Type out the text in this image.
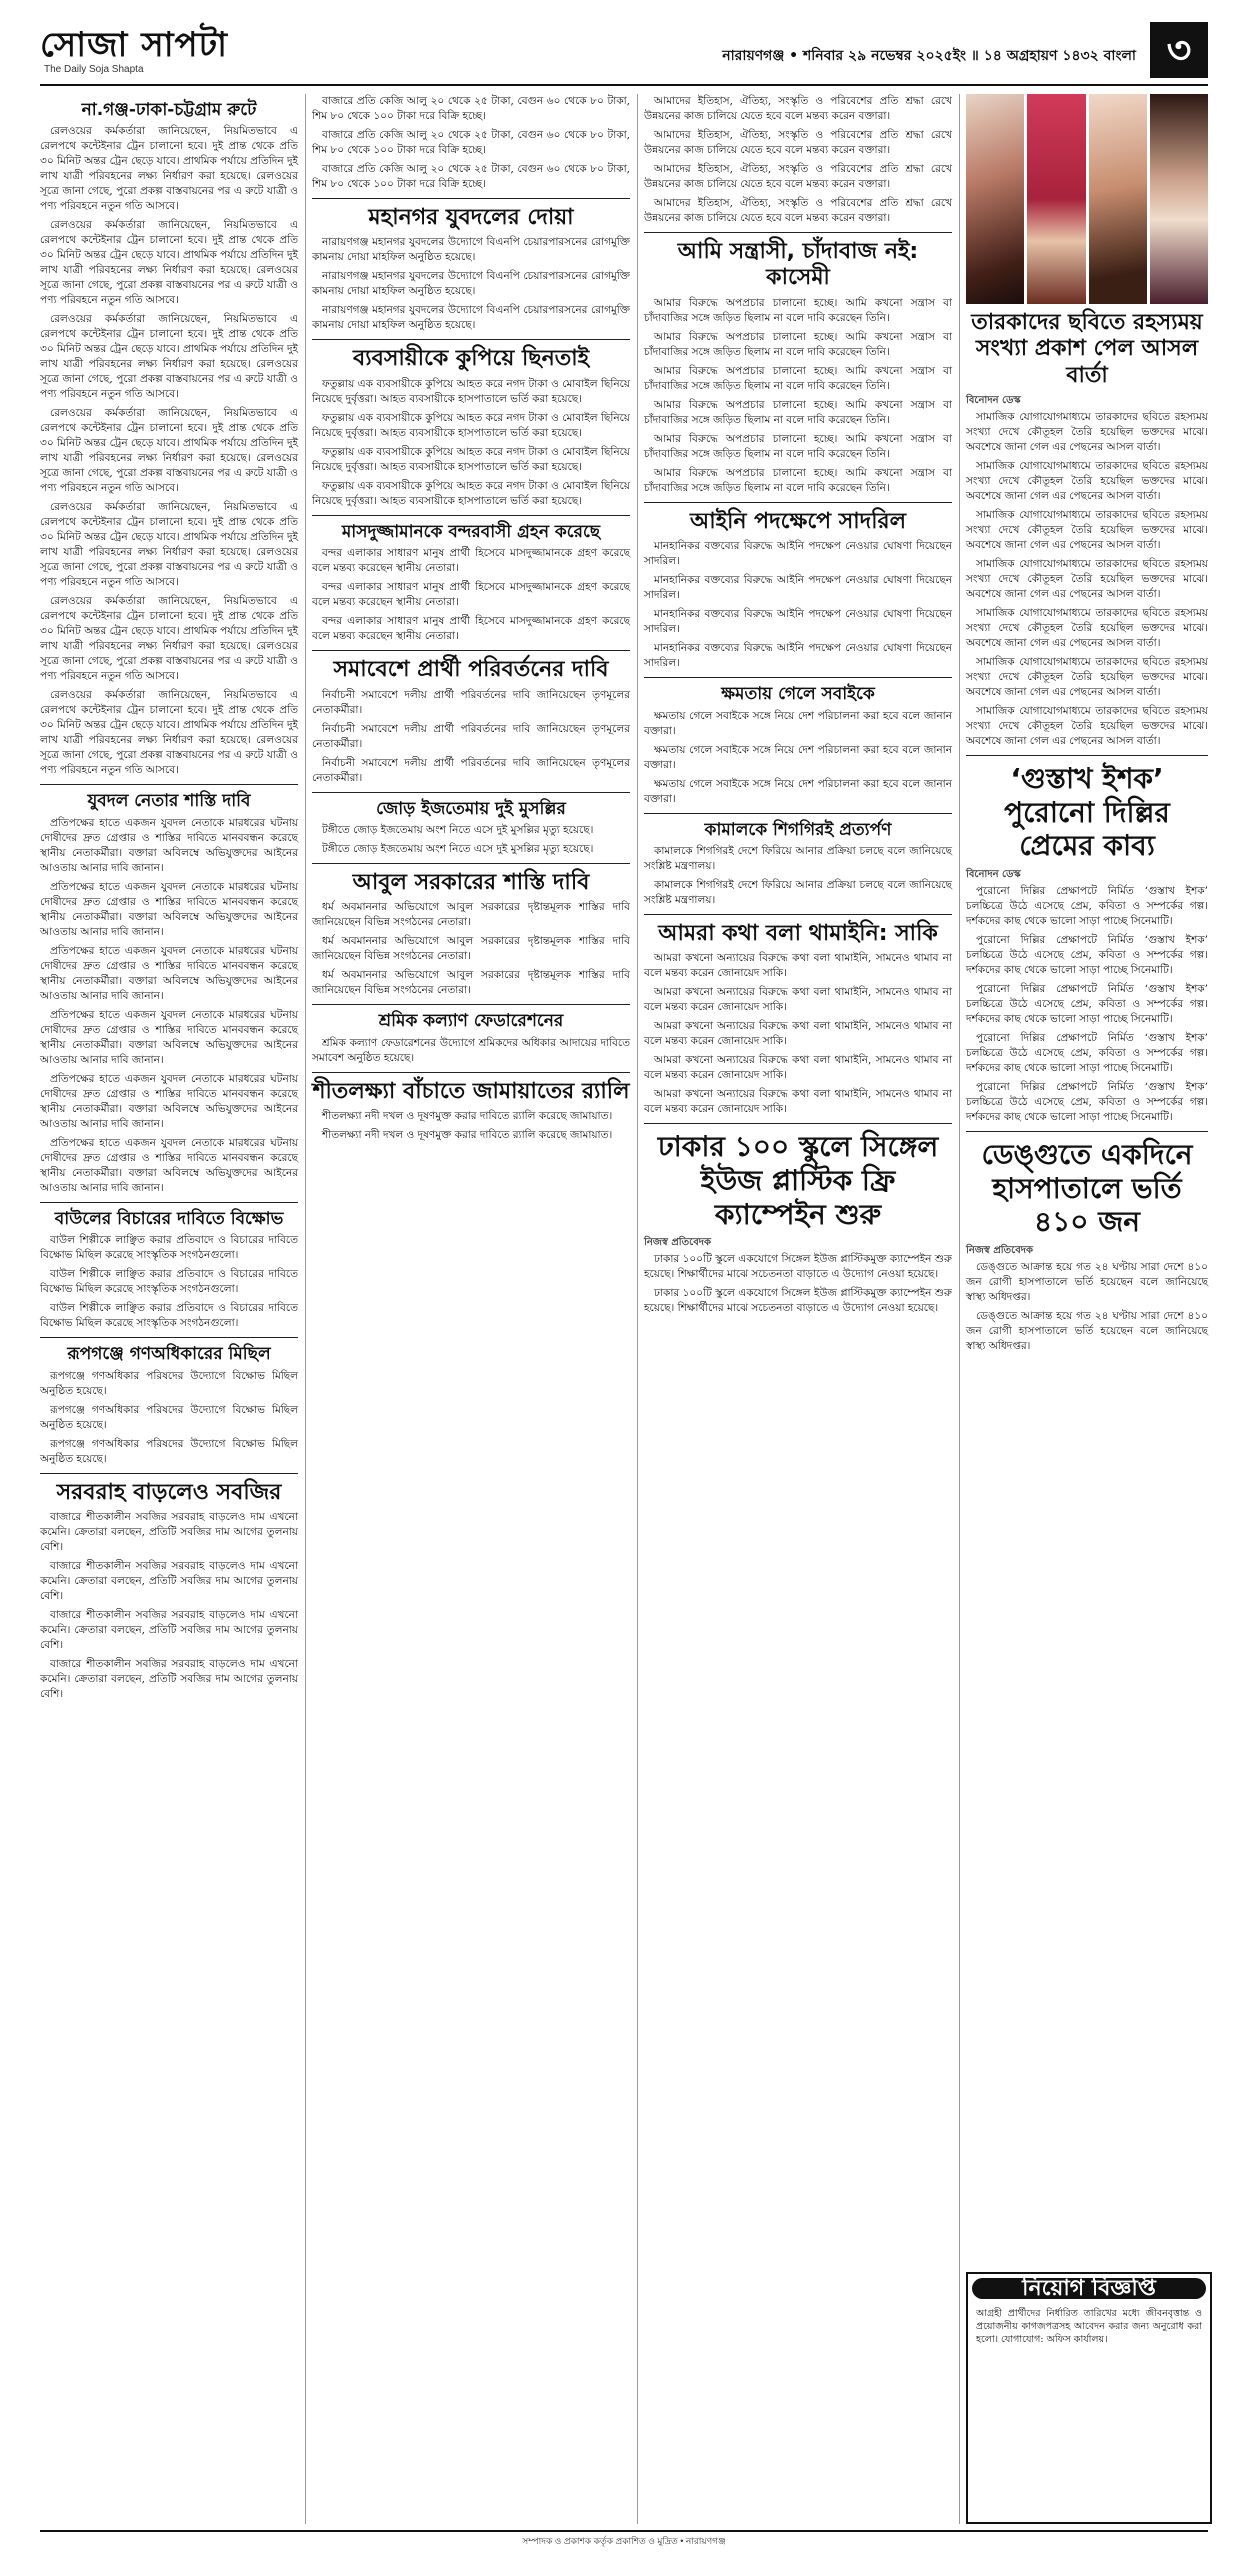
সোজা সাপটা
The Daily Soja Shapta
নারায়ণগঞ্জ • শনিবার ২৯ নভেম্বর ২০২৫ইং ॥ ১৪ অগ্রহায়ণ ১৪৩২ বাংলা ৩
না.গঞ্জ-ঢাকা-চট্টগ্রাম রুটে

রেলওয়ের কর্মকর্তারা জানিয়েছেন, নিয়মিতভাবে এ রেলপথে কন্টেইনার ট্রেন চালানো হবে। দুই প্রান্ত থেকে প্রতি ৩০ মিনিট অন্তর ট্রেন ছেড়ে যাবে। প্রাথমিক পর্যায়ে প্রতিদিন দুই লাখ যাত্রী পরিবহনের লক্ষ্য নির্ধারণ করা হয়েছে। রেলওয়ের সূত্রে জানা গেছে, পুরো প্রকল্প বাস্তবায়নের পর এ রুটে যাত্রী ও পণ্য পরিবহনে নতুন গতি আসবে।

রেলওয়ের কর্মকর্তারা জানিয়েছেন, নিয়মিতভাবে এ রেলপথে কন্টেইনার ট্রেন চালানো হবে। দুই প্রান্ত থেকে প্রতি ৩০ মিনিট অন্তর ট্রেন ছেড়ে যাবে। প্রাথমিক পর্যায়ে প্রতিদিন দুই লাখ যাত্রী পরিবহনের লক্ষ্য নির্ধারণ করা হয়েছে। রেলওয়ের সূত্রে জানা গেছে, পুরো প্রকল্প বাস্তবায়নের পর এ রুটে যাত্রী ও পণ্য পরিবহনে নতুন গতি আসবে।

রেলওয়ের কর্মকর্তারা জানিয়েছেন, নিয়মিতভাবে এ রেলপথে কন্টেইনার ট্রেন চালানো হবে। দুই প্রান্ত থেকে প্রতি ৩০ মিনিট অন্তর ট্রেন ছেড়ে যাবে। প্রাথমিক পর্যায়ে প্রতিদিন দুই লাখ যাত্রী পরিবহনের লক্ষ্য নির্ধারণ করা হয়েছে। রেলওয়ের সূত্রে জানা গেছে, পুরো প্রকল্প বাস্তবায়নের পর এ রুটে যাত্রী ও পণ্য পরিবহনে নতুন গতি আসবে।

রেলওয়ের কর্মকর্তারা জানিয়েছেন, নিয়মিতভাবে এ রেলপথে কন্টেইনার ট্রেন চালানো হবে। দুই প্রান্ত থেকে প্রতি ৩০ মিনিট অন্তর ট্রেন ছেড়ে যাবে। প্রাথমিক পর্যায়ে প্রতিদিন দুই লাখ যাত্রী পরিবহনের লক্ষ্য নির্ধারণ করা হয়েছে। রেলওয়ের সূত্রে জানা গেছে, পুরো প্রকল্প বাস্তবায়নের পর এ রুটে যাত্রী ও পণ্য পরিবহনে নতুন গতি আসবে।

রেলওয়ের কর্মকর্তারা জানিয়েছেন, নিয়মিতভাবে এ রেলপথে কন্টেইনার ট্রেন চালানো হবে। দুই প্রান্ত থেকে প্রতি ৩০ মিনিট অন্তর ট্রেন ছেড়ে যাবে। প্রাথমিক পর্যায়ে প্রতিদিন দুই লাখ যাত্রী পরিবহনের লক্ষ্য নির্ধারণ করা হয়েছে। রেলওয়ের সূত্রে জানা গেছে, পুরো প্রকল্প বাস্তবায়নের পর এ রুটে যাত্রী ও পণ্য পরিবহনে নতুন গতি আসবে।

রেলওয়ের কর্মকর্তারা জানিয়েছেন, নিয়মিতভাবে এ রেলপথে কন্টেইনার ট্রেন চালানো হবে। দুই প্রান্ত থেকে প্রতি ৩০ মিনিট অন্তর ট্রেন ছেড়ে যাবে। প্রাথমিক পর্যায়ে প্রতিদিন দুই লাখ যাত্রী পরিবহনের লক্ষ্য নির্ধারণ করা হয়েছে। রেলওয়ের সূত্রে জানা গেছে, পুরো প্রকল্প বাস্তবায়নের পর এ রুটে যাত্রী ও পণ্য পরিবহনে নতুন গতি আসবে।

রেলওয়ের কর্মকর্তারা জানিয়েছেন, নিয়মিতভাবে এ রেলপথে কন্টেইনার ট্রেন চালানো হবে। দুই প্রান্ত থেকে প্রতি ৩০ মিনিট অন্তর ট্রেন ছেড়ে যাবে। প্রাথমিক পর্যায়ে প্রতিদিন দুই লাখ যাত্রী পরিবহনের লক্ষ্য নির্ধারণ করা হয়েছে। রেলওয়ের সূত্রে জানা গেছে, পুরো প্রকল্প বাস্তবায়নের পর এ রুটে যাত্রী ও পণ্য পরিবহনে নতুন গতি আসবে।

যুবদল নেতার শাস্তি দাবি

প্রতিপক্ষের হাতে একজন যুবদল নেতাকে মারধরের ঘটনায় দোষীদের দ্রুত গ্রেপ্তার ও শাস্তির দাবিতে মানববন্ধন করেছে স্থানীয় নেতাকর্মীরা। বক্তারা অবিলম্বে অভিযুক্তদের আইনের আওতায় আনার দাবি জানান।

প্রতিপক্ষের হাতে একজন যুবদল নেতাকে মারধরের ঘটনায় দোষীদের দ্রুত গ্রেপ্তার ও শাস্তির দাবিতে মানববন্ধন করেছে স্থানীয় নেতাকর্মীরা। বক্তারা অবিলম্বে অভিযুক্তদের আইনের আওতায় আনার দাবি জানান।

প্রতিপক্ষের হাতে একজন যুবদল নেতাকে মারধরের ঘটনায় দোষীদের দ্রুত গ্রেপ্তার ও শাস্তির দাবিতে মানববন্ধন করেছে স্থানীয় নেতাকর্মীরা। বক্তারা অবিলম্বে অভিযুক্তদের আইনের আওতায় আনার দাবি জানান।

প্রতিপক্ষের হাতে একজন যুবদল নেতাকে মারধরের ঘটনায় দোষীদের দ্রুত গ্রেপ্তার ও শাস্তির দাবিতে মানববন্ধন করেছে স্থানীয় নেতাকর্মীরা। বক্তারা অবিলম্বে অভিযুক্তদের আইনের আওতায় আনার দাবি জানান।

প্রতিপক্ষের হাতে একজন যুবদল নেতাকে মারধরের ঘটনায় দোষীদের দ্রুত গ্রেপ্তার ও শাস্তির দাবিতে মানববন্ধন করেছে স্থানীয় নেতাকর্মীরা। বক্তারা অবিলম্বে অভিযুক্তদের আইনের আওতায় আনার দাবি জানান।

প্রতিপক্ষের হাতে একজন যুবদল নেতাকে মারধরের ঘটনায় দোষীদের দ্রুত গ্রেপ্তার ও শাস্তির দাবিতে মানববন্ধন করেছে স্থানীয় নেতাকর্মীরা। বক্তারা অবিলম্বে অভিযুক্তদের আইনের আওতায় আনার দাবি জানান।

বাউলের বিচারের দাবিতে বিক্ষোভ

বাউল শিল্পীকে লাঞ্ছিত করার প্রতিবাদে ও বিচারের দাবিতে বিক্ষোভ মিছিল করেছে সাংস্কৃতিক সংগঠনগুলো।

বাউল শিল্পীকে লাঞ্ছিত করার প্রতিবাদে ও বিচারের দাবিতে বিক্ষোভ মিছিল করেছে সাংস্কৃতিক সংগঠনগুলো।

বাউল শিল্পীকে লাঞ্ছিত করার প্রতিবাদে ও বিচারের দাবিতে বিক্ষোভ মিছিল করেছে সাংস্কৃতিক সংগঠনগুলো।

রূপগঞ্জে গণঅধিকারের মিছিল

রূপগঞ্জে গণঅধিকার পরিষদের উদ্যোগে বিক্ষোভ মিছিল অনুষ্ঠিত হয়েছে।

রূপগঞ্জে গণঅধিকার পরিষদের উদ্যোগে বিক্ষোভ মিছিল অনুষ্ঠিত হয়েছে।

রূপগঞ্জে গণঅধিকার পরিষদের উদ্যোগে বিক্ষোভ মিছিল অনুষ্ঠিত হয়েছে।

সরবরাহ বাড়লেও সবজির

বাজারে শীতকালীন সবজির সরবরাহ বাড়লেও দাম এখনো কমেনি। ক্রেতারা বলছেন, প্রতিটি সবজির দাম আগের তুলনায় বেশি।

বাজারে শীতকালীন সবজির সরবরাহ বাড়লেও দাম এখনো কমেনি। ক্রেতারা বলছেন, প্রতিটি সবজির দাম আগের তুলনায় বেশি।

বাজারে শীতকালীন সবজির সরবরাহ বাড়লেও দাম এখনো কমেনি। ক্রেতারা বলছেন, প্রতিটি সবজির দাম আগের তুলনায় বেশি।

বাজারে শীতকালীন সবজির সরবরাহ বাড়লেও দাম এখনো কমেনি। ক্রেতারা বলছেন, প্রতিটি সবজির দাম আগের তুলনায় বেশি।

বাজারে প্রতি কেজি আলু ২০ থেকে ২৫ টাকা, বেগুন ৬০ থেকে ৮০ টাকা, শিম ৮০ থেকে ১০০ টাকা দরে বিক্রি হচ্ছে।

বাজারে প্রতি কেজি আলু ২০ থেকে ২৫ টাকা, বেগুন ৬০ থেকে ৮০ টাকা, শিম ৮০ থেকে ১০০ টাকা দরে বিক্রি হচ্ছে।

বাজারে প্রতি কেজি আলু ২০ থেকে ২৫ টাকা, বেগুন ৬০ থেকে ৮০ টাকা, শিম ৮০ থেকে ১০০ টাকা দরে বিক্রি হচ্ছে।

মহানগর যুবদলের দোয়া

নারায়ণগঞ্জ মহানগর যুবদলের উদ্যোগে বিএনপি চেয়ারপারসনের রোগমুক্তি কামনায় দোয়া মাহফিল অনুষ্ঠিত হয়েছে।

নারায়ণগঞ্জ মহানগর যুবদলের উদ্যোগে বিএনপি চেয়ারপারসনের রোগমুক্তি কামনায় দোয়া মাহফিল অনুষ্ঠিত হয়েছে।

নারায়ণগঞ্জ মহানগর যুবদলের উদ্যোগে বিএনপি চেয়ারপারসনের রোগমুক্তি কামনায় দোয়া মাহফিল অনুষ্ঠিত হয়েছে।

ব্যবসায়ীকে কুপিয়ে ছিনতাই

ফতুল্লায় এক ব্যবসায়ীকে কুপিয়ে আহত করে নগদ টাকা ও মোবাইল ছিনিয়ে নিয়েছে দুর্বৃত্তরা। আহত ব্যবসায়ীকে হাসপাতালে ভর্তি করা হয়েছে।

ফতুল্লায় এক ব্যবসায়ীকে কুপিয়ে আহত করে নগদ টাকা ও মোবাইল ছিনিয়ে নিয়েছে দুর্বৃত্তরা। আহত ব্যবসায়ীকে হাসপাতালে ভর্তি করা হয়েছে।

ফতুল্লায় এক ব্যবসায়ীকে কুপিয়ে আহত করে নগদ টাকা ও মোবাইল ছিনিয়ে নিয়েছে দুর্বৃত্তরা। আহত ব্যবসায়ীকে হাসপাতালে ভর্তি করা হয়েছে।

ফতুল্লায় এক ব্যবসায়ীকে কুপিয়ে আহত করে নগদ টাকা ও মোবাইল ছিনিয়ে নিয়েছে দুর্বৃত্তরা। আহত ব্যবসায়ীকে হাসপাতালে ভর্তি করা হয়েছে।

মাসদুজ্জামানকে বন্দরবাসী গ্রহন করেছে

বন্দর এলাকার সাধারণ মানুষ প্রার্থী হিসেবে মাসদুজ্জামানকে গ্রহণ করেছে বলে মন্তব্য করেছেন স্থানীয় নেতারা।

বন্দর এলাকার সাধারণ মানুষ প্রার্থী হিসেবে মাসদুজ্জামানকে গ্রহণ করেছে বলে মন্তব্য করেছেন স্থানীয় নেতারা।

বন্দর এলাকার সাধারণ মানুষ প্রার্থী হিসেবে মাসদুজ্জামানকে গ্রহণ করেছে বলে মন্তব্য করেছেন স্থানীয় নেতারা।

সমাবেশে প্রার্থী পরিবর্তনের দাবি

নির্বাচনী সমাবেশে দলীয় প্রার্থী পরিবর্তনের দাবি জানিয়েছেন তৃণমূলের নেতাকর্মীরা।

নির্বাচনী সমাবেশে দলীয় প্রার্থী পরিবর্তনের দাবি জানিয়েছেন তৃণমূলের নেতাকর্মীরা।

নির্বাচনী সমাবেশে দলীয় প্রার্থী পরিবর্তনের দাবি জানিয়েছেন তৃণমূলের নেতাকর্মীরা।

জোড় ইজতেমায় দুই মুসল্লির

টঙ্গীতে জোড় ইজতেমায় অংশ নিতে এসে দুই মুসল্লির মৃত্যু হয়েছে।

টঙ্গীতে জোড় ইজতেমায় অংশ নিতে এসে দুই মুসল্লির মৃত্যু হয়েছে।

আবুল সরকারের শাস্তি দাবি

ধর্ম অবমাননার অভিযোগে আবুল সরকারের দৃষ্টান্তমূলক শাস্তির দাবি জানিয়েছেন বিভিন্ন সংগঠনের নেতারা।

ধর্ম অবমাননার অভিযোগে আবুল সরকারের দৃষ্টান্তমূলক শাস্তির দাবি জানিয়েছেন বিভিন্ন সংগঠনের নেতারা।

ধর্ম অবমাননার অভিযোগে আবুল সরকারের দৃষ্টান্তমূলক শাস্তির দাবি জানিয়েছেন বিভিন্ন সংগঠনের নেতারা।

শ্রমিক কল্যাণ ফেডারেশনের

শ্রমিক কল্যাণ ফেডারেশনের উদ্যোগে শ্রমিকদের অধিকার আদায়ের দাবিতে সমাবেশ অনুষ্ঠিত হয়েছে।

শীতলক্ষ্যা বাঁচাতে জামায়াতের র‍্যালি

শীতলক্ষ্যা নদী দখল ও দূষণমুক্ত করার দাবিতে র‍্যালি করেছে জামায়াত।

শীতলক্ষ্যা নদী দখল ও দূষণমুক্ত করার দাবিতে র‍্যালি করেছে জামায়াত।

আমাদের ইতিহাস, ঐতিহ্য, সংস্কৃতি ও পরিবেশের প্রতি শ্রদ্ধা রেখে উন্নয়নের কাজ চালিয়ে যেতে হবে বলে মন্তব্য করেন বক্তারা।

আমাদের ইতিহাস, ঐতিহ্য, সংস্কৃতি ও পরিবেশের প্রতি শ্রদ্ধা রেখে উন্নয়নের কাজ চালিয়ে যেতে হবে বলে মন্তব্য করেন বক্তারা।

আমাদের ইতিহাস, ঐতিহ্য, সংস্কৃতি ও পরিবেশের প্রতি শ্রদ্ধা রেখে উন্নয়নের কাজ চালিয়ে যেতে হবে বলে মন্তব্য করেন বক্তারা।

আমাদের ইতিহাস, ঐতিহ্য, সংস্কৃতি ও পরিবেশের প্রতি শ্রদ্ধা রেখে উন্নয়নের কাজ চালিয়ে যেতে হবে বলে মন্তব্য করেন বক্তারা।

আমি সন্ত্রাসী, চাঁদাবাজ নই: কাসেমী

আমার বিরুদ্ধে অপপ্রচার চালানো হচ্ছে। আমি কখনো সন্ত্রাস বা চাঁদাবাজির সঙ্গে জড়িত ছিলাম না বলে দাবি করেছেন তিনি।

আমার বিরুদ্ধে অপপ্রচার চালানো হচ্ছে। আমি কখনো সন্ত্রাস বা চাঁদাবাজির সঙ্গে জড়িত ছিলাম না বলে দাবি করেছেন তিনি।

আমার বিরুদ্ধে অপপ্রচার চালানো হচ্ছে। আমি কখনো সন্ত্রাস বা চাঁদাবাজির সঙ্গে জড়িত ছিলাম না বলে দাবি করেছেন তিনি।

আমার বিরুদ্ধে অপপ্রচার চালানো হচ্ছে। আমি কখনো সন্ত্রাস বা চাঁদাবাজির সঙ্গে জড়িত ছিলাম না বলে দাবি করেছেন তিনি।

আমার বিরুদ্ধে অপপ্রচার চালানো হচ্ছে। আমি কখনো সন্ত্রাস বা চাঁদাবাজির সঙ্গে জড়িত ছিলাম না বলে দাবি করেছেন তিনি।

আমার বিরুদ্ধে অপপ্রচার চালানো হচ্ছে। আমি কখনো সন্ত্রাস বা চাঁদাবাজির সঙ্গে জড়িত ছিলাম না বলে দাবি করেছেন তিনি।

আইনি পদক্ষেপে সাদরিল

মানহানিকর বক্তব্যের বিরুদ্ধে আইনি পদক্ষেপ নেওয়ার ঘোষণা দিয়েছেন সাদরিল।

মানহানিকর বক্তব্যের বিরুদ্ধে আইনি পদক্ষেপ নেওয়ার ঘোষণা দিয়েছেন সাদরিল।

মানহানিকর বক্তব্যের বিরুদ্ধে আইনি পদক্ষেপ নেওয়ার ঘোষণা দিয়েছেন সাদরিল।

মানহানিকর বক্তব্যের বিরুদ্ধে আইনি পদক্ষেপ নেওয়ার ঘোষণা দিয়েছেন সাদরিল।

ক্ষমতায় গেলে সবাইকে

ক্ষমতায় গেলে সবাইকে সঙ্গে নিয়ে দেশ পরিচালনা করা হবে বলে জানান বক্তারা।

ক্ষমতায় গেলে সবাইকে সঙ্গে নিয়ে দেশ পরিচালনা করা হবে বলে জানান বক্তারা।

ক্ষমতায় গেলে সবাইকে সঙ্গে নিয়ে দেশ পরিচালনা করা হবে বলে জানান বক্তারা।

কামালকে শিগগিরই প্রত্যর্পণ

কামালকে শিগগিরই দেশে ফিরিয়ে আনার প্রক্রিয়া চলছে বলে জানিয়েছে সংশ্লিষ্ট মন্ত্রণালয়।

কামালকে শিগগিরই দেশে ফিরিয়ে আনার প্রক্রিয়া চলছে বলে জানিয়েছে সংশ্লিষ্ট মন্ত্রণালয়।

আমরা কথা বলা থামাইনি: সাকি

আমরা কখনো অন্যায়ের বিরুদ্ধে কথা বলা থামাইনি, সামনেও থামাব না বলে মন্তব্য করেন জোনায়েদ সাকি।

আমরা কখনো অন্যায়ের বিরুদ্ধে কথা বলা থামাইনি, সামনেও থামাব না বলে মন্তব্য করেন জোনায়েদ সাকি।

আমরা কখনো অন্যায়ের বিরুদ্ধে কথা বলা থামাইনি, সামনেও থামাব না বলে মন্তব্য করেন জোনায়েদ সাকি।

আমরা কখনো অন্যায়ের বিরুদ্ধে কথা বলা থামাইনি, সামনেও থামাব না বলে মন্তব্য করেন জোনায়েদ সাকি।

আমরা কখনো অন্যায়ের বিরুদ্ধে কথা বলা থামাইনি, সামনেও থামাব না বলে মন্তব্য করেন জোনায়েদ সাকি।

ঢাকার ১০০ স্কুলে সিঙ্গেল ইউজ প্লাস্টিক ফ্রি ক্যাম্পেইন শুরু
নিজস্ব প্রতিবেদক

ঢাকার ১০০টি স্কুলে একযোগে সিঙ্গেল ইউজ প্লাস্টিকমুক্ত ক্যাম্পেইন শুরু হয়েছে। শিক্ষার্থীদের মাঝে সচেতনতা বাড়াতে এ উদ্যোগ নেওয়া হয়েছে।

ঢাকার ১০০টি স্কুলে একযোগে সিঙ্গেল ইউজ প্লাস্টিকমুক্ত ক্যাম্পেইন শুরু হয়েছে। শিক্ষার্থীদের মাঝে সচেতনতা বাড়াতে এ উদ্যোগ নেওয়া হয়েছে।

তারকাদের ছবিতে রহস্যময় সংখ্যা প্রকাশ পেল আসল বার্তা
বিনোদন ডেস্ক

সামাজিক যোগাযোগমাধ্যমে তারকাদের ছবিতে রহস্যময় সংখ্যা দেখে কৌতূহল তৈরি হয়েছিল ভক্তদের মাঝে। অবশেষে জানা গেল এর পেছনের আসল বার্তা।

সামাজিক যোগাযোগমাধ্যমে তারকাদের ছবিতে রহস্যময় সংখ্যা দেখে কৌতূহল তৈরি হয়েছিল ভক্তদের মাঝে। অবশেষে জানা গেল এর পেছনের আসল বার্তা।

সামাজিক যোগাযোগমাধ্যমে তারকাদের ছবিতে রহস্যময় সংখ্যা দেখে কৌতূহল তৈরি হয়েছিল ভক্তদের মাঝে। অবশেষে জানা গেল এর পেছনের আসল বার্তা।

সামাজিক যোগাযোগমাধ্যমে তারকাদের ছবিতে রহস্যময় সংখ্যা দেখে কৌতূহল তৈরি হয়েছিল ভক্তদের মাঝে। অবশেষে জানা গেল এর পেছনের আসল বার্তা।

সামাজিক যোগাযোগমাধ্যমে তারকাদের ছবিতে রহস্যময় সংখ্যা দেখে কৌতূহল তৈরি হয়েছিল ভক্তদের মাঝে। অবশেষে জানা গেল এর পেছনের আসল বার্তা।

সামাজিক যোগাযোগমাধ্যমে তারকাদের ছবিতে রহস্যময় সংখ্যা দেখে কৌতূহল তৈরি হয়েছিল ভক্তদের মাঝে। অবশেষে জানা গেল এর পেছনের আসল বার্তা।

সামাজিক যোগাযোগমাধ্যমে তারকাদের ছবিতে রহস্যময় সংখ্যা দেখে কৌতূহল তৈরি হয়েছিল ভক্তদের মাঝে। অবশেষে জানা গেল এর পেছনের আসল বার্তা।

‘গুস্তাখ ইশক’ পুরোনো দিল্লির প্রেমের কাব্য
বিনোদন ডেস্ক

পুরোনো দিল্লির প্রেক্ষাপটে নির্মিত ‘গুস্তাখ ইশক’ চলচ্চিত্রে উঠে এসেছে প্রেম, কবিতা ও সম্পর্কের গল্প। দর্শকদের কাছ থেকে ভালো সাড়া পাচ্ছে সিনেমাটি।

পুরোনো দিল্লির প্রেক্ষাপটে নির্মিত ‘গুস্তাখ ইশক’ চলচ্চিত্রে উঠে এসেছে প্রেম, কবিতা ও সম্পর্কের গল্প। দর্শকদের কাছ থেকে ভালো সাড়া পাচ্ছে সিনেমাটি।

পুরোনো দিল্লির প্রেক্ষাপটে নির্মিত ‘গুস্তাখ ইশক’ চলচ্চিত্রে উঠে এসেছে প্রেম, কবিতা ও সম্পর্কের গল্প। দর্শকদের কাছ থেকে ভালো সাড়া পাচ্ছে সিনেমাটি।

পুরোনো দিল্লির প্রেক্ষাপটে নির্মিত ‘গুস্তাখ ইশক’ চলচ্চিত্রে উঠে এসেছে প্রেম, কবিতা ও সম্পর্কের গল্প। দর্শকদের কাছ থেকে ভালো সাড়া পাচ্ছে সিনেমাটি।

পুরোনো দিল্লির প্রেক্ষাপটে নির্মিত ‘গুস্তাখ ইশক’ চলচ্চিত্রে উঠে এসেছে প্রেম, কবিতা ও সম্পর্কের গল্প। দর্শকদের কাছ থেকে ভালো সাড়া পাচ্ছে সিনেমাটি।

ডেঙ্গুতে একদিনে হাসপাতালে ভর্তি ৪১০ জন
নিজস্ব প্রতিবেদক

ডেঙ্গুতে আক্রান্ত হয়ে গত ২৪ ঘণ্টায় সারা দেশে ৪১০ জন রোগী হাসপাতালে ভর্তি হয়েছেন বলে জানিয়েছে স্বাস্থ্য অধিদপ্তর।

ডেঙ্গুতে আক্রান্ত হয়ে গত ২৪ ঘণ্টায় সারা দেশে ৪১০ জন রোগী হাসপাতালে ভর্তি হয়েছেন বলে জানিয়েছে স্বাস্থ্য অধিদপ্তর।

নিয়োগ বিজ্ঞপ্তি
আগ্রহী প্রার্থীদের নির্ধারিত তারিখের মধ্যে জীবনবৃত্তান্ত ও প্রয়োজনীয় কাগজপত্রসহ আবেদন করার জন্য অনুরোধ করা হলো। যোগাযোগ: অফিস কার্যালয়।
সম্পাদক ও প্রকাশক কর্তৃক প্রকাশিত ও মুদ্রিত • নারায়ণগঞ্জ
